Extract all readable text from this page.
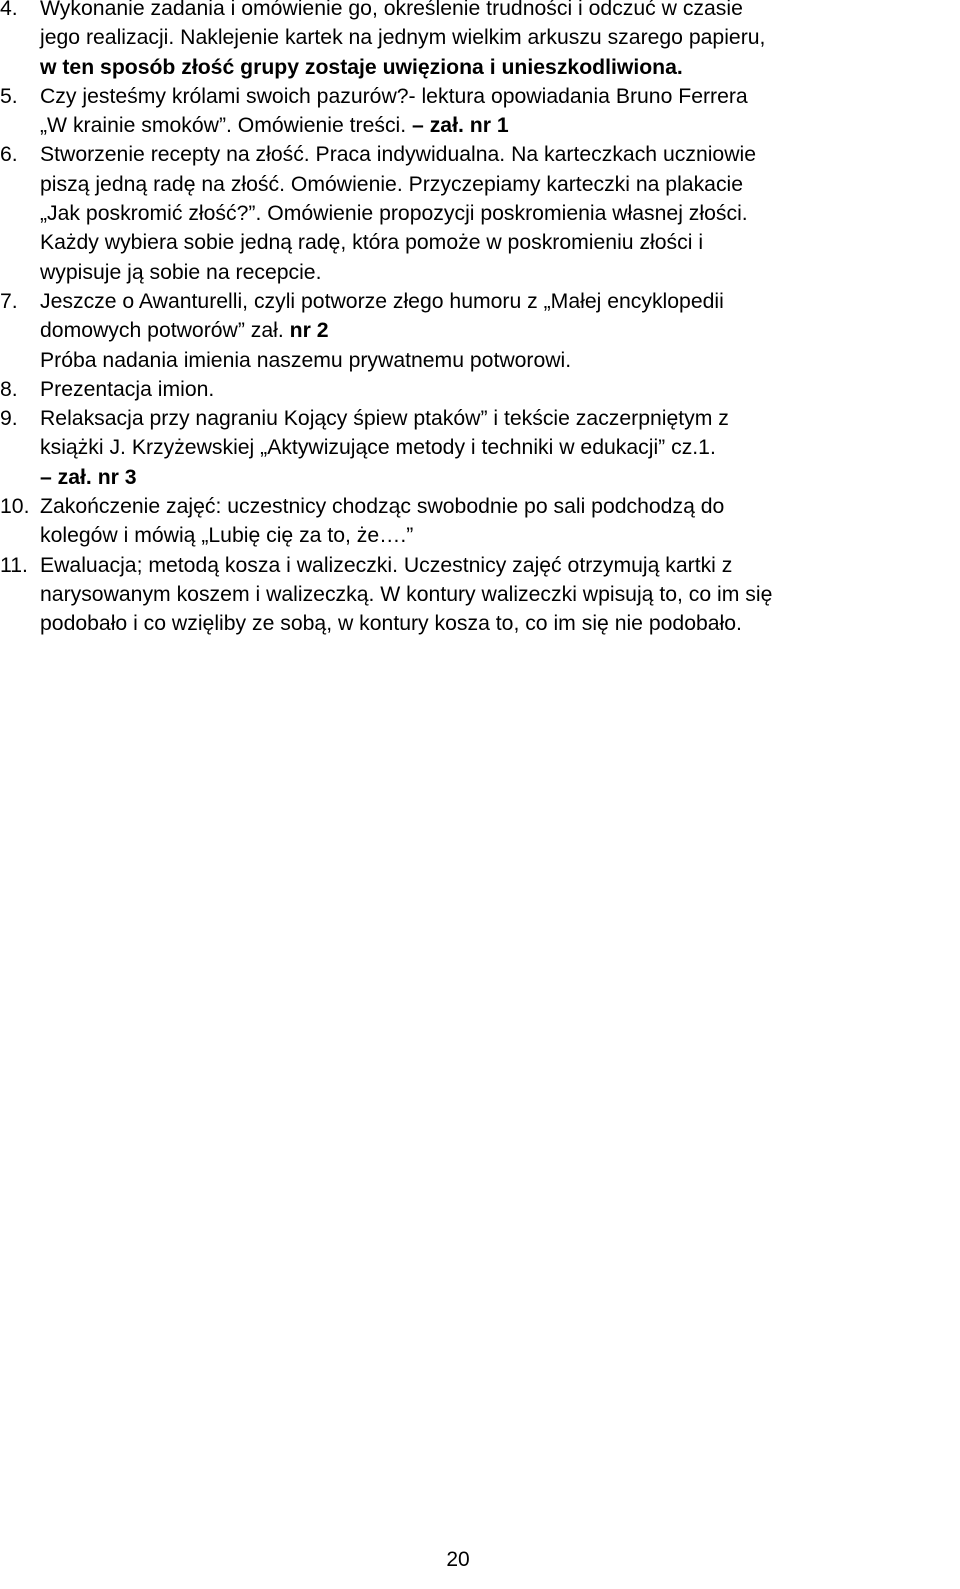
4. Wykonanie zadania i omówienie go, określenie trudności i odczuć w czasie
jego realizacji. Naklejenie kartek na jednym wielkim arkuszu szarego papieru,
w ten sposób złość grupy zostaje uwięziona i unieszkodliwiona.
5. Czy jesteśmy królami swoich pazurów?- lektura opowiadania Bruno Ferrera
„W krainie smoków”. Omówienie treści. – zał. nr 1
6. Stworzenie recepty na złość. Praca indywidualna. Na karteczkach uczniowie
piszą jedną radę na złość. Omówienie. Przyczepiamy karteczki na plakacie
„Jak poskromić złość?”. Omówienie propozycji poskromienia własnej złości.
Każdy wybiera sobie jedną radę, która pomoże w poskromieniu złości i
wypisuje ją sobie na recepcie.
7. Jeszcze o Awanturelli, czyli potworze złego humoru z „Małej encyklopedii
domowych potworów” zał. nr 2
Próba nadania imienia naszemu prywatnemu potworowi.
8. Prezentacja imion.
9. Relaksacja przy nagraniu Kojący śpiew ptaków” i tekście zaczerpniętym z
książki J. Krzyżewskiej „Aktywizujące metody i techniki w edukacji” cz.1.
– zał. nr 3
10. Zakończenie zajęć: uczestnicy chodząc swobodnie po sali podchodzą do
kolegów i mówią „Lubię cię za to, że….”
11. Ewaluacja; metodą kosza i walizeczki. Uczestnicy zajęć otrzymują kartki z
narysowanym koszem i walizeczką. W kontury walizeczki wpisują to, co im się
podobało i co wzięliby ze sobą, w kontury kosza to, co im się nie podobało.
20
